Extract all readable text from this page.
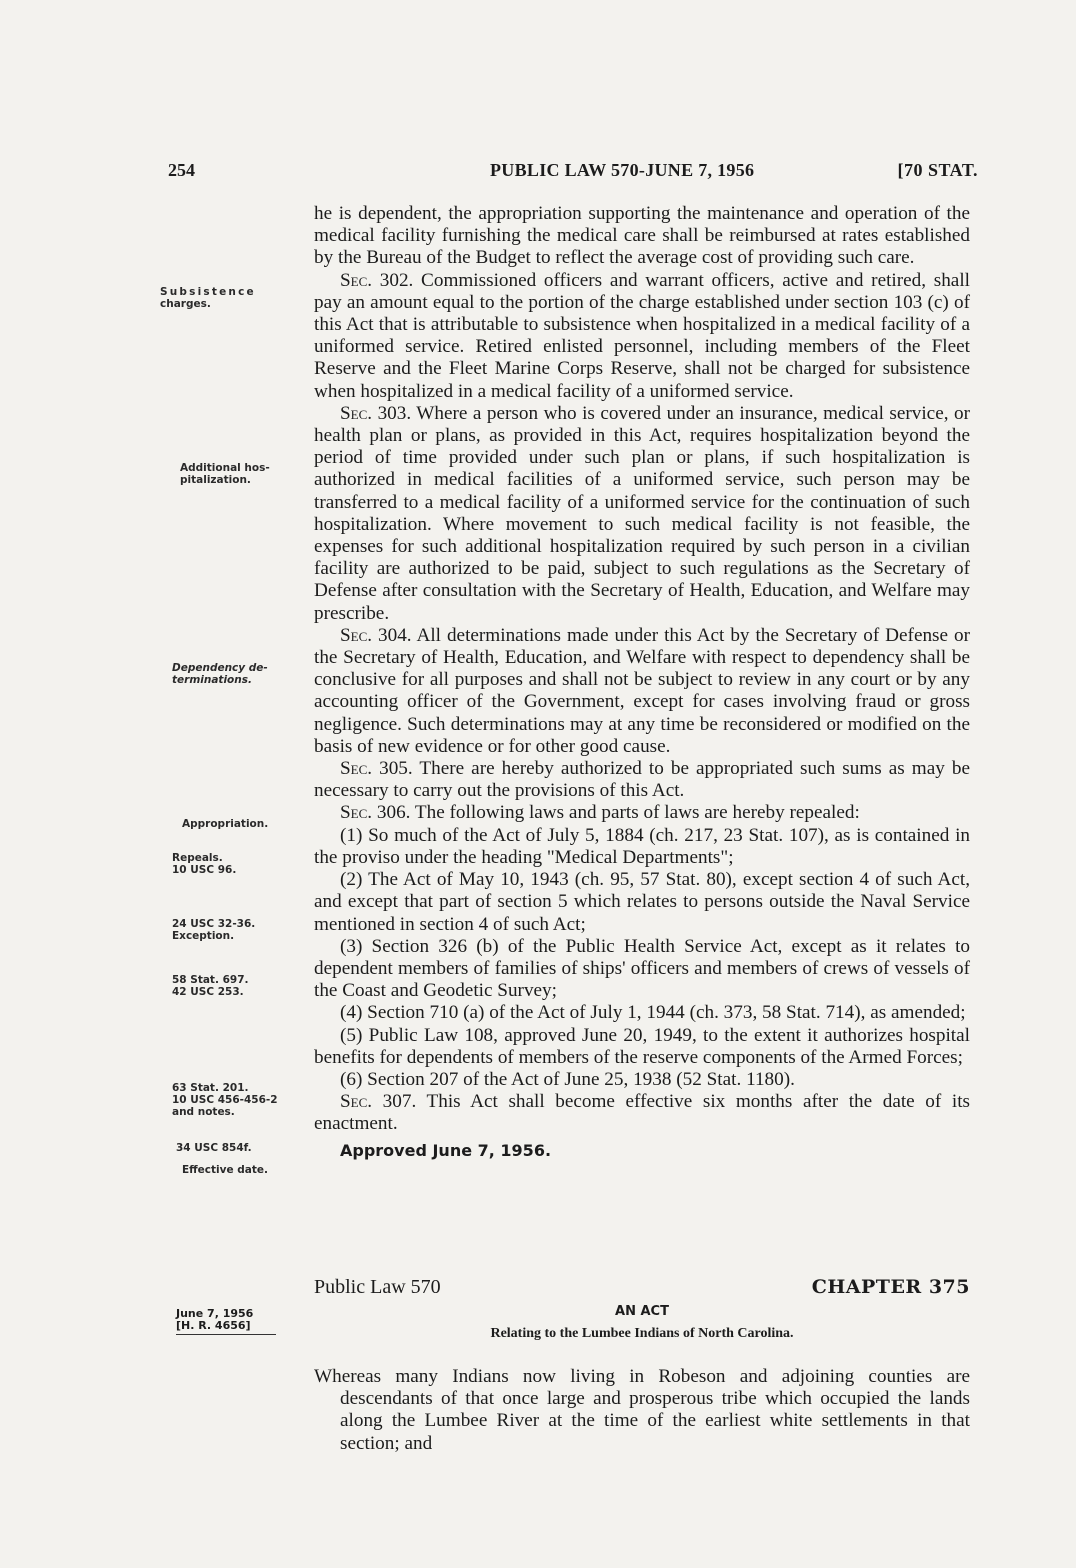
254	PUBLIC LAW 570-JUNE 7, 1956	[70 STAT.

he is dependent, the appropriation supporting the maintenance and operation of the medical facility furnishing the medical care shall be reimbursed at rates established by the Bureau of the Budget to reflect the average cost of providing such care.

Sec. 302. Commissioned officers and warrant officers, active and retired, shall pay an amount equal to the portion of the charge established under section 103 (c) of this Act that is attributable to subsistence when hospitalized in a medical facility of a uniformed service. Retired enlisted personnel, including members of the Fleet Reserve and the Fleet Marine Corps Reserve, shall not be charged for subsistence when hospitalized in a medical facility of a uniformed service.

Sec. 303. Where a person who is covered under an insurance, medical service, or health plan or plans, as provided in this Act, requires hospitalization beyond the period of time provided under such plan or plans, if such hospitalization is authorized in medical facilities of a uniformed service, such person may be transferred to a medical facility of a uniformed service for the continuation of such hospitalization. Where movement to such medical facility is not feasible, the expenses for such additional hospitalization required by such person in a civilian facility are authorized to be paid, subject to such regulations as the Secretary of Defense after consultation with the Secretary of Health, Education, and Welfare may prescribe.

Sec. 304. All determinations made under this Act by the Secretary of Defense or the Secretary of Health, Education, and Welfare with respect to dependency shall be conclusive for all purposes and shall not be subject to review in any court or by any accounting officer of the Government, except for cases involving fraud or gross negligence. Such determinations may at any time be reconsidered or modified on the basis of new evidence or for other good cause.

Sec. 305. There are hereby authorized to be appropriated such sums as may be necessary to carry out the provisions of this Act.

Sec. 306. The following laws and parts of laws are hereby repealed:

(1) So much of the Act of July 5, 1884 (ch. 217, 23 Stat. 107), as is contained in the proviso under the heading "Medical Departments";

(2) The Act of May 10, 1943 (ch. 95, 57 Stat. 80), except section 4 of such Act, and except that part of section 5 which relates to persons outside the Naval Service mentioned in section 4 of such Act;

(3) Section 326 (b) of the Public Health Service Act, except as it relates to dependent members of families of ships' officers and members of crews of vessels of the Coast and Geodetic Survey;

(4) Section 710 (a) of the Act of July 1, 1944 (ch. 373, 58 Stat. 714), as amended;

(5) Public Law 108, approved June 20, 1949, to the extent it authorizes hospital benefits for dependents of members of the reserve components of the Armed Forces;

(6) Section 207 of the Act of June 25, 1938 (52 Stat. 1180).

Sec. 307. This Act shall become effective six months after the date of its enactment.

Approved June 7, 1956.

Subsistence
charges.
Additional hos-
pitalization.
Dependency de-
terminations.
Appropriation.
Repeals.
10 USC 96.
24 USC 32-36.
Exception.
58 Stat. 697.
42 USC 253.
63 Stat. 201.
10 USC 456-456-2
and notes.
34 USC 854f.
Effective date.
Public Law 570	CHAPTER 375
AN ACT
Relating to the Lumbee Indians of North Carolina.
June 7, 1956
[H. R. 4656]

Whereas many Indians now living in Robeson and adjoining counties are descendants of that once large and prosperous tribe which occupied the lands along the Lumbee River at the time of the earliest white settlements in that section; and
